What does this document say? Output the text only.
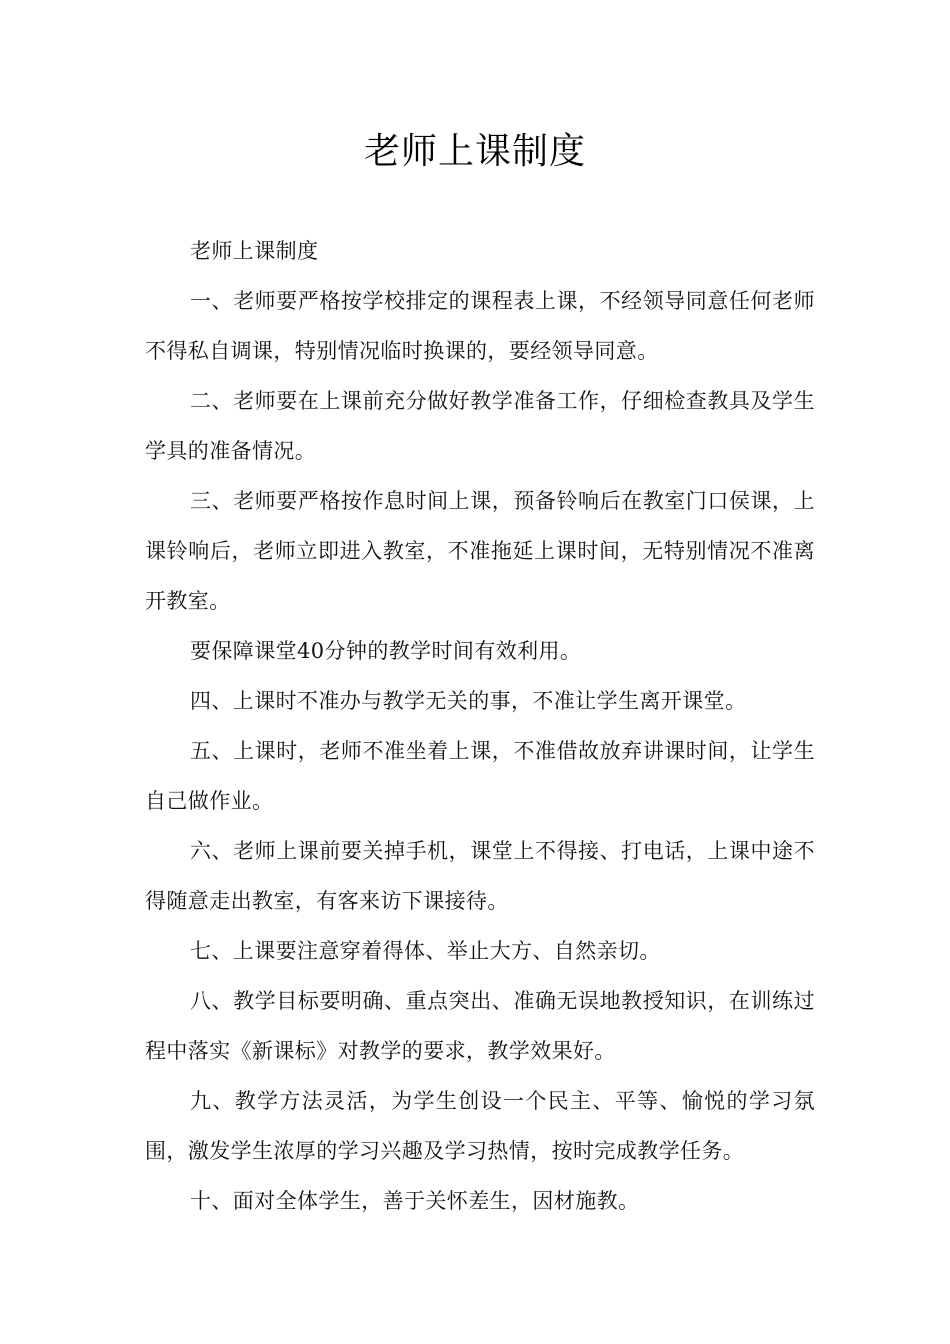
老师上课制度

老师上课制度

一、老师要严格按学校排定的课程表上课，不经领导同意任何老师不得私自调课，特别情况临时换课的，要经领导同意。

二、老师要在上课前充分做好教学准备工作，仔细检查教具及学生学具的准备情况。

三、老师要严格按作息时间上课，预备铃响后在教室门口侯课，上课铃响后，老师立即进入教室，不准拖延上课时间，无特别情况不准离开教室。

要保障课堂40分钟的教学时间有效利用。

四、上课时不准办与教学无关的事，不准让学生离开课堂。

五、上课时，老师不准坐着上课，不准借故放弃讲课时间，让学生自己做作业。

六、老师上课前要关掉手机，课堂上不得接、打电话，上课中途不得随意走出教室，有客来访下课接待。

七、上课要注意穿着得体、举止大方、自然亲切。

八、教学目标要明确、重点突出、准确无误地教授知识，在训练过程中落实《新课标》对教学的要求，教学效果好。

九、教学方法灵活，为学生创设一个民主、平等、愉悦的学习氛围，激发学生浓厚的学习兴趣及学习热情，按时完成教学任务。

十、面对全体学生，善于关怀差生，因材施教。
